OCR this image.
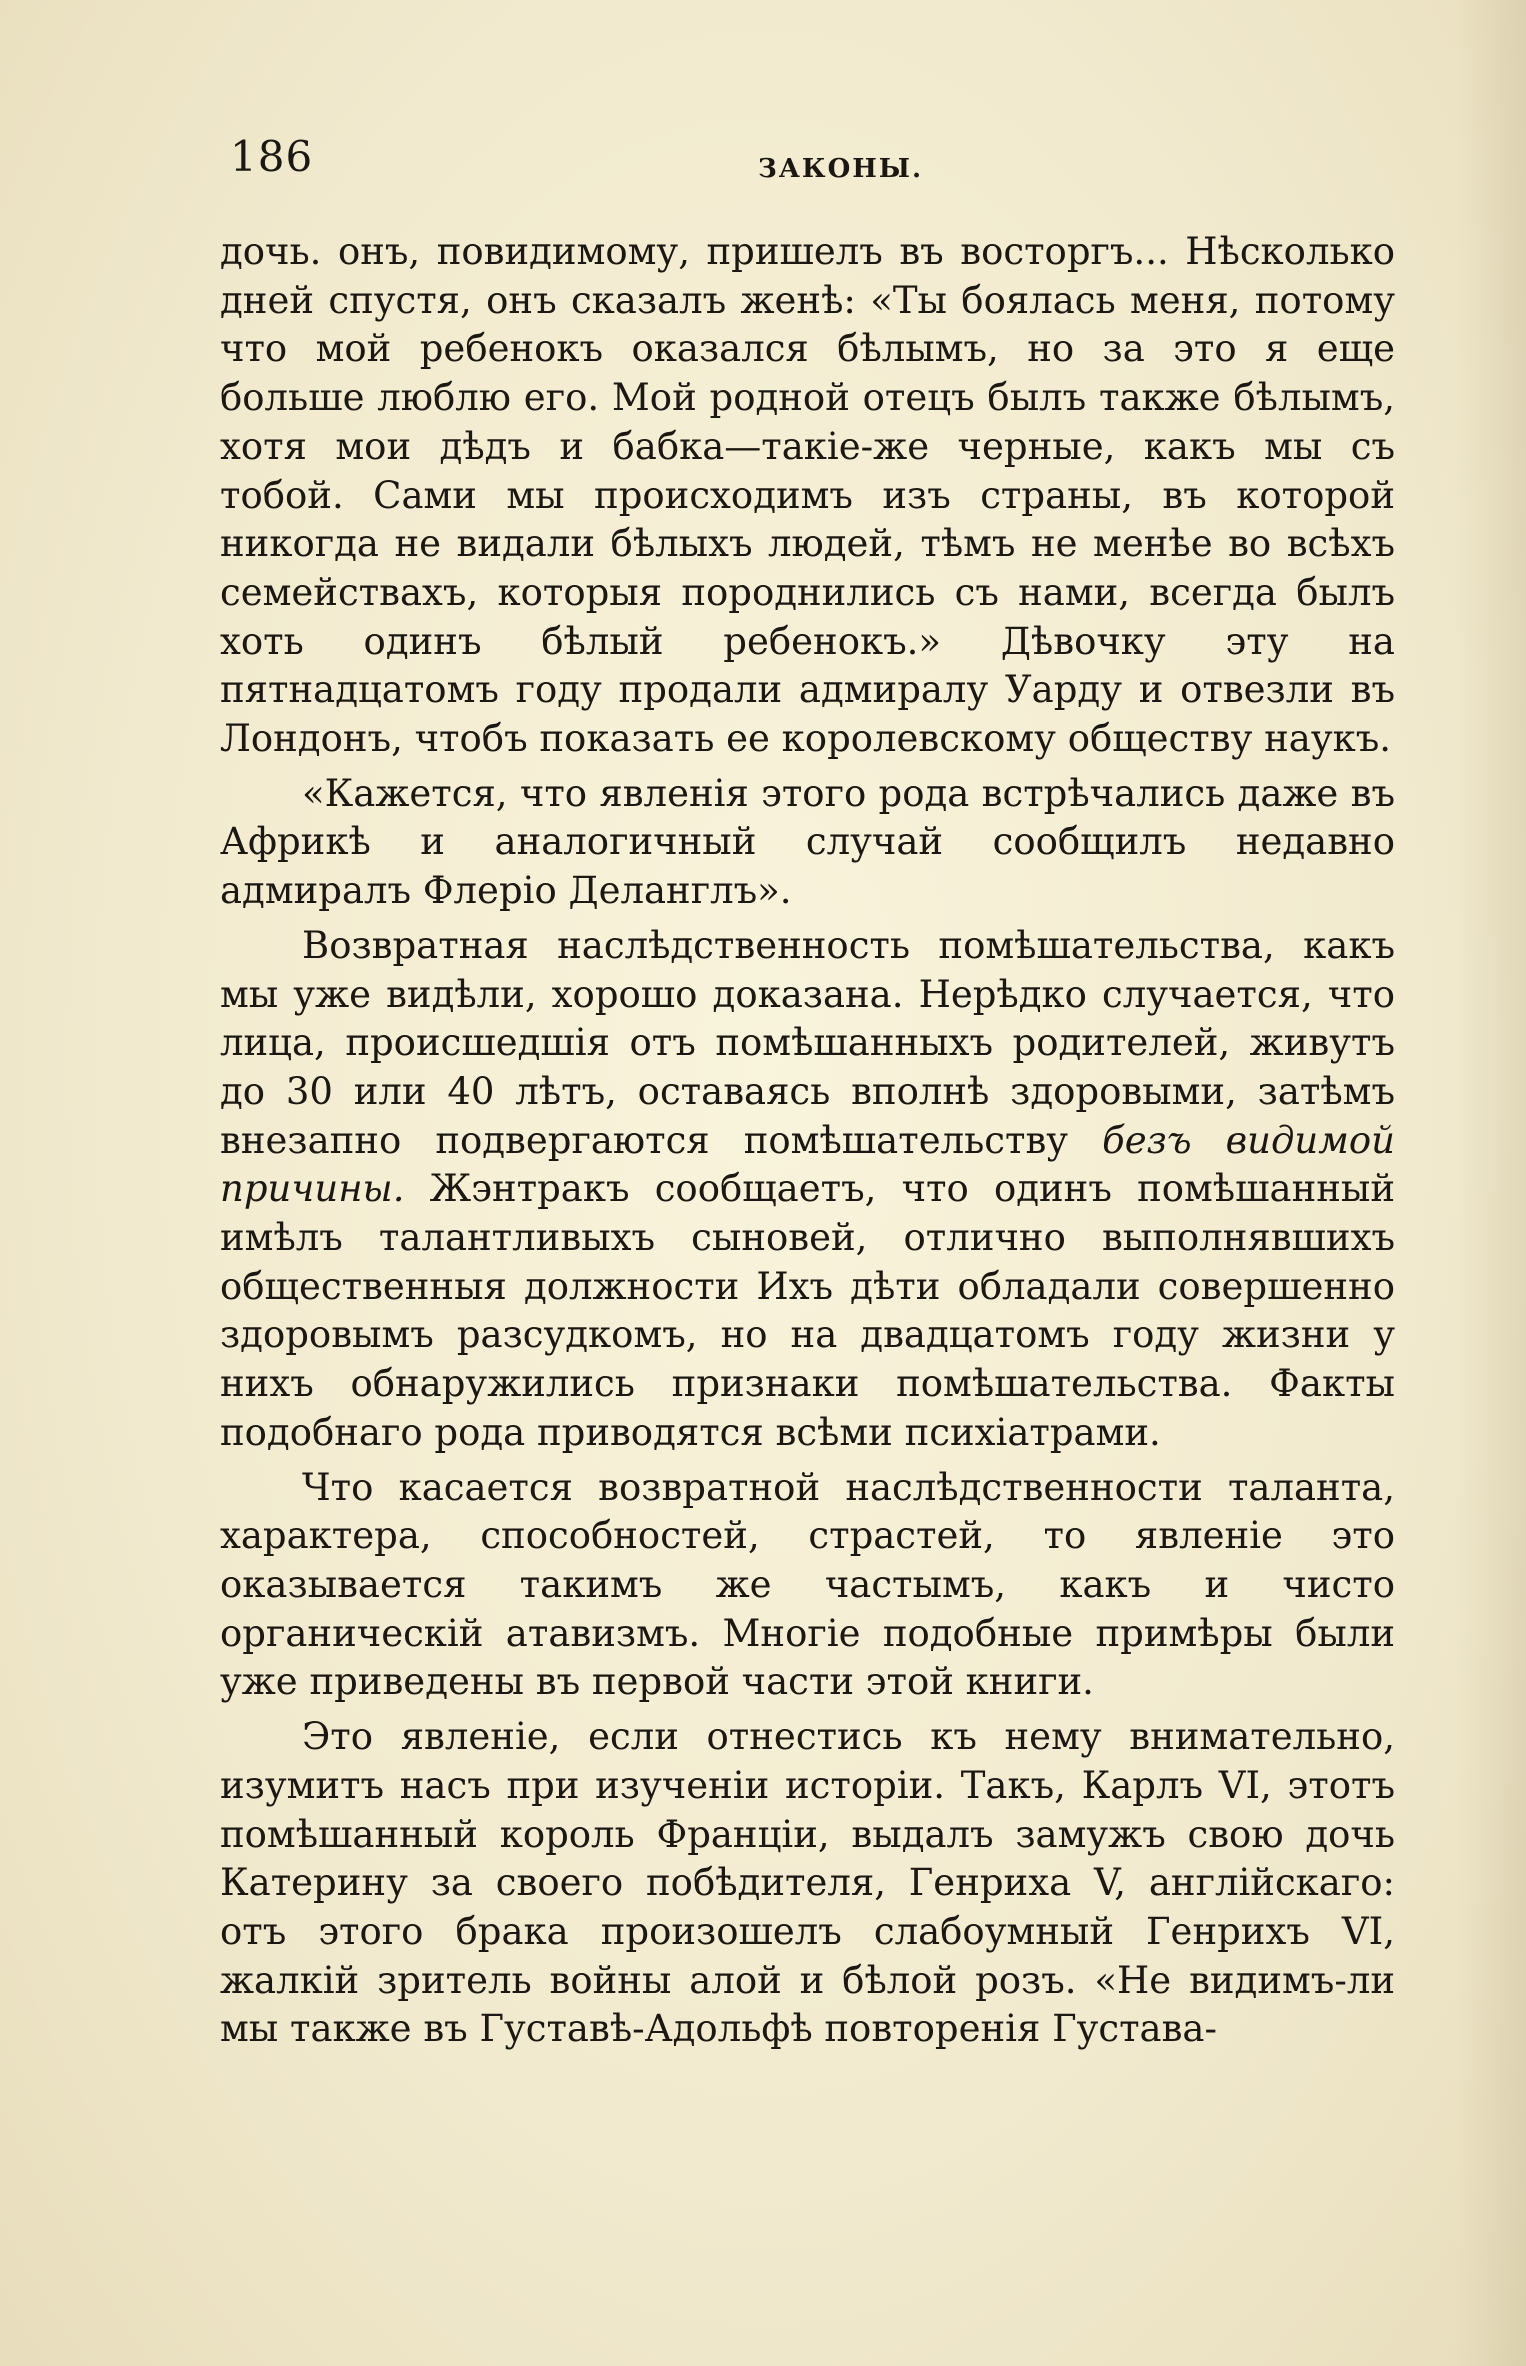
186	ЗАКОНЫ.

дочь. онъ, повидимому, пришелъ въ восторгъ... Нѣсколько дней спустя, онъ сказалъ женѣ: «Ты боялась меня, потому что мой ребенокъ оказался бѣлымъ, но за это я еще больше люблю его. Мой родной отецъ былъ также бѣлымъ, хотя мои дѣдъ и бабка—такіе-же черные, какъ мы съ тобой. Сами мы происходимъ изъ страны, въ которой никогда не видали бѣлыхъ людей, тѣмъ не менѣе во всѣхъ семействахъ, которыя породнились съ нами, всегда былъ хоть одинъ бѣлый ребенокъ.» Дѣвочку эту на пятнадцатомъ году продали адмиралу Уарду и отвезли въ Лондонъ, чтобъ показать ее королевскому обществу наукъ.

«Кажется, что явленія этого рода встрѣчались даже въ Африкѣ и аналогичный случай сообщилъ недавно адмиралъ Флеріо Деланглъ».

Возвратная наслѣдственность помѣшательства, какъ мы уже видѣли, хорошо доказана. Нерѣдко случается, что лица, происшедшія отъ помѣшанныхъ родителей, живутъ до 30 или 40 лѣтъ, оставаясь вполнѣ здоровыми, затѣмъ внезапно подвергаются помѣшательству безъ видимой причины. Жэнтракъ сообщаетъ, что одинъ помѣшанный имѣлъ талантливыхъ сыновей, отлично выполнявшихъ общественныя должности Ихъ дѣти обладали совершенно здоровымъ разсудкомъ, но на двадцатомъ году жизни у нихъ обнаружились признаки помѣшательства. Факты подобнаго рода приводятся всѣми психіатрами.

Что касается возвратной наслѣдственности таланта, характера, способностей, страстей, то явленіе это оказывается такимъ же частымъ, какъ и чисто органическій атавизмъ. Многіе подобные примѣры были уже приведены въ первой части этой книги.

Это явленіе, если отнестись къ нему внимательно, изумитъ насъ при изученіи исторіи. Такъ, Карлъ VI, этотъ помѣшанный король Франціи, выдалъ замужъ свою дочь Катерину за своего побѣдителя, Генриха V, англійскаго: отъ этого брака произошелъ слабоумный Генрихъ VI, жалкій зритель войны алой и бѣлой розъ. «Не видимъ-ли мы также въ Густавѣ-Адольфѣ повторенія Густава-
